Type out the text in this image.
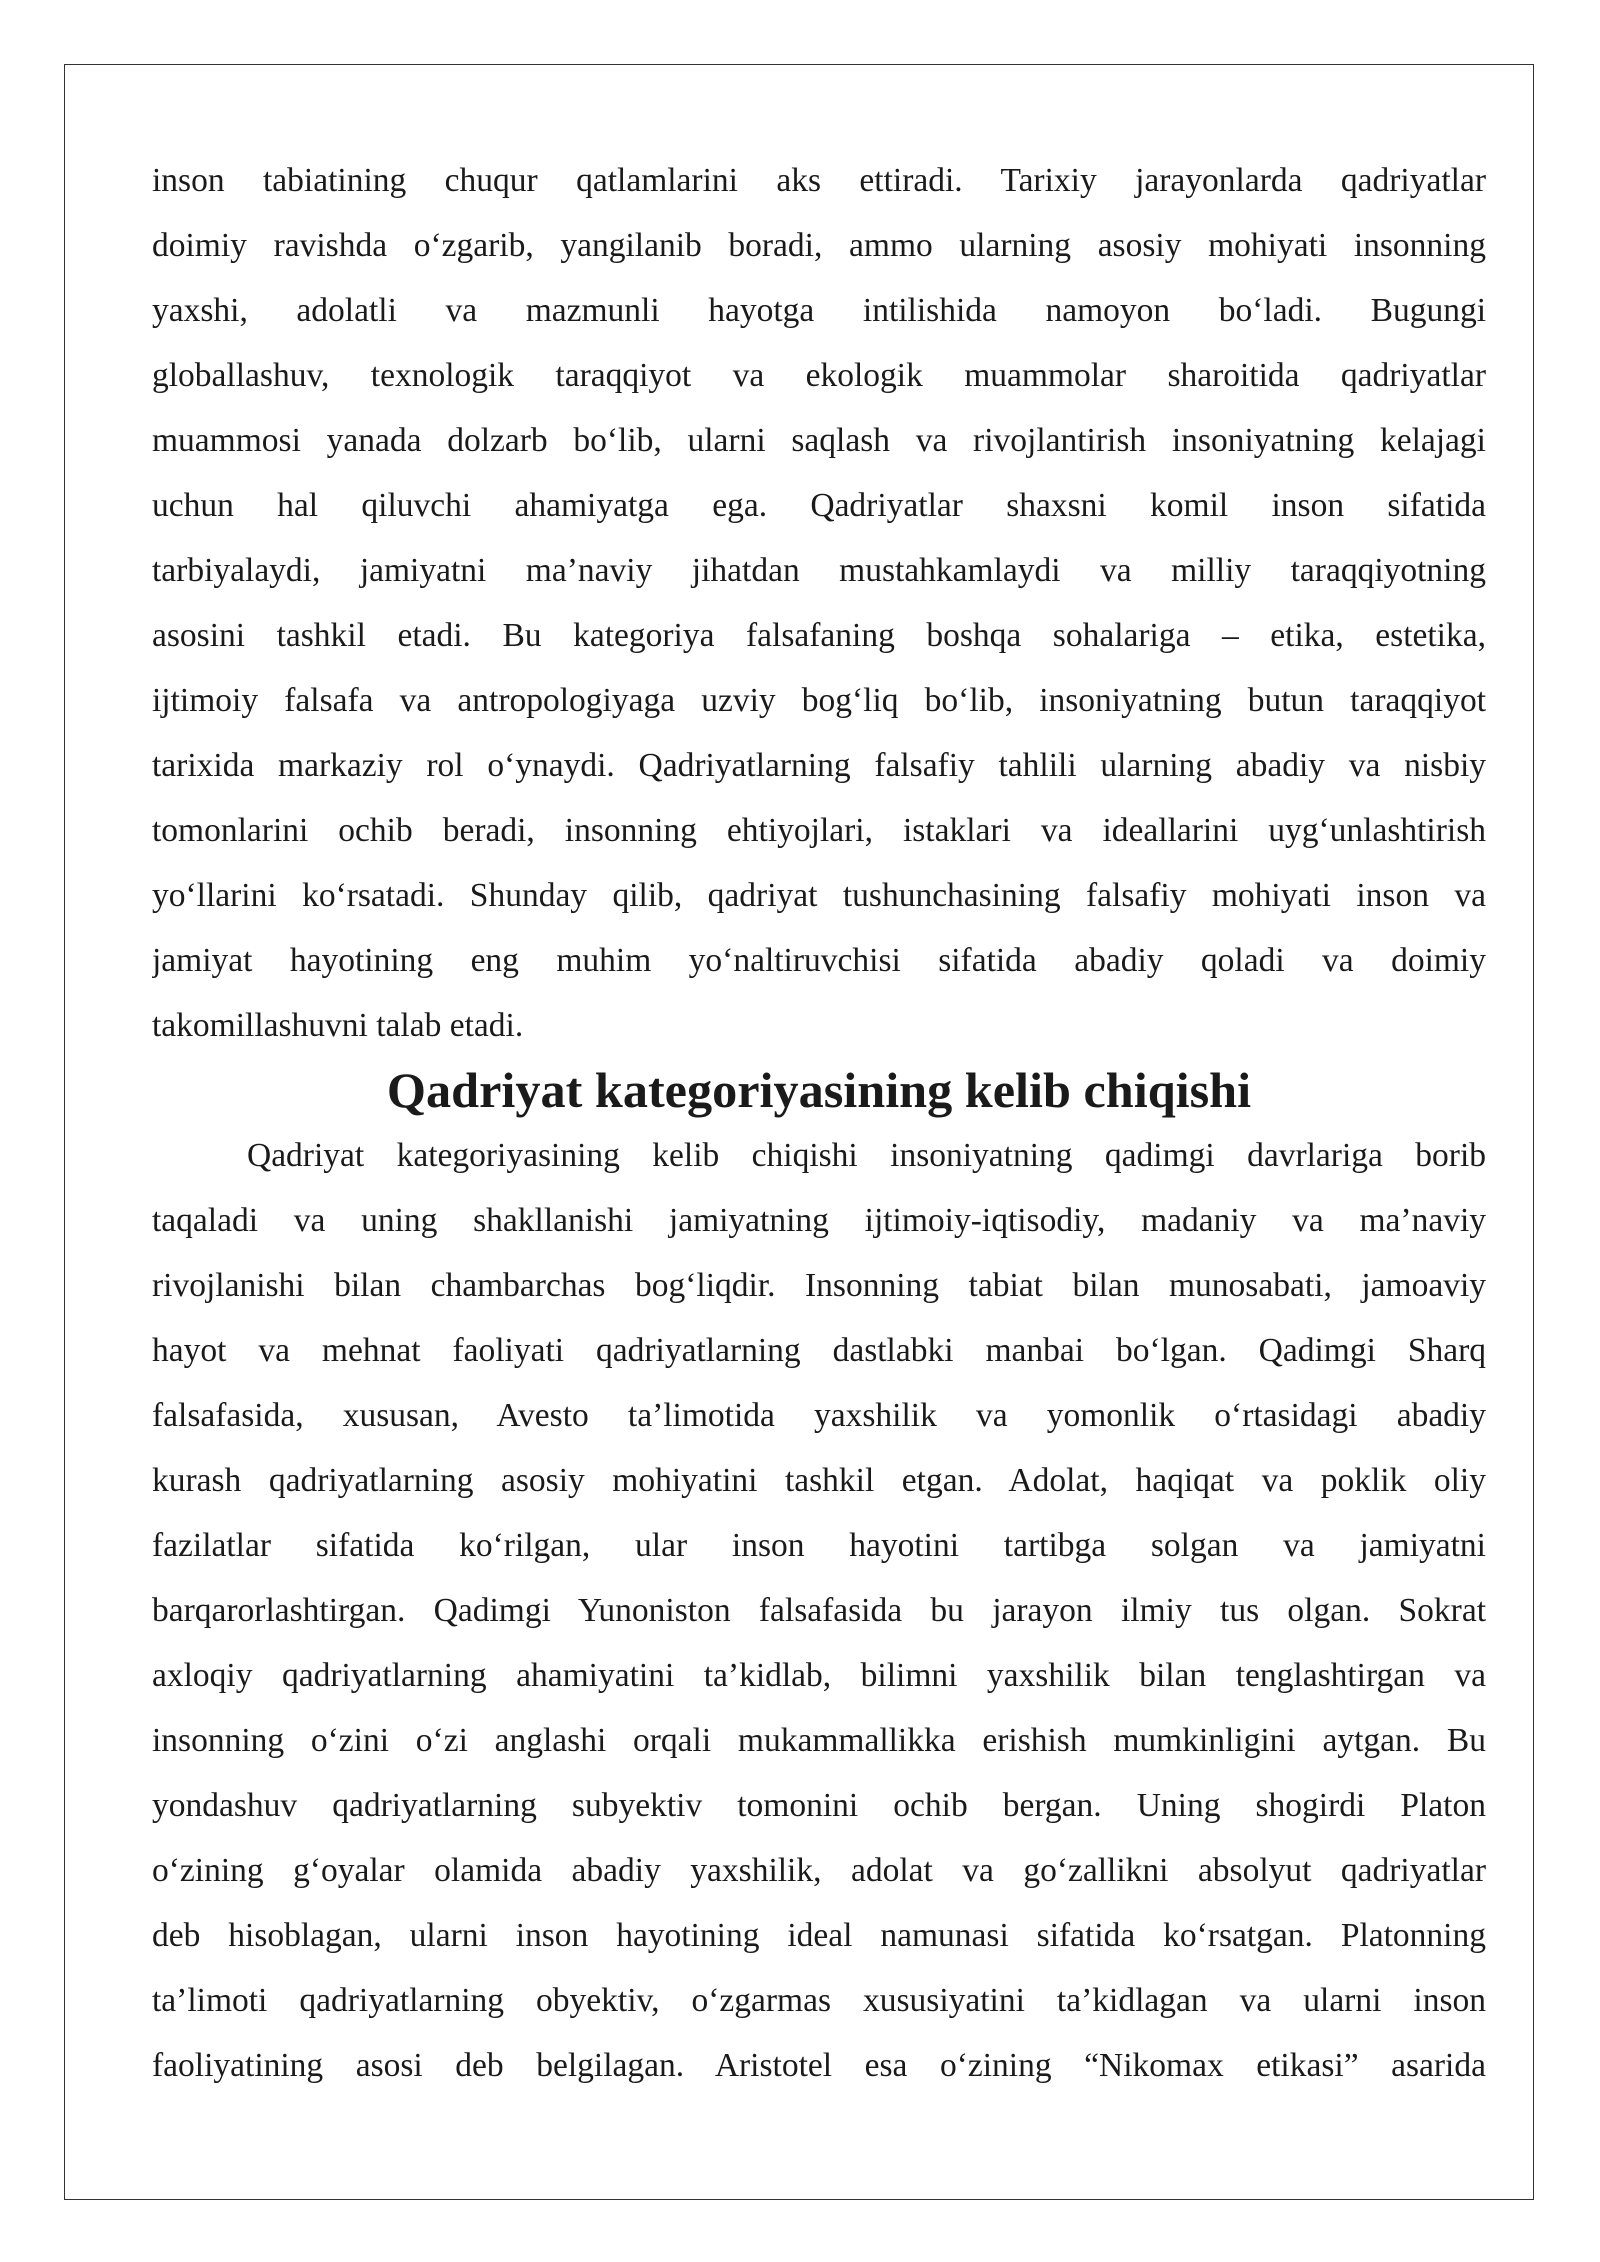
inson tabiatining chuqur qatlamlarini aks ettiradi. Tarixiy jarayonlarda qadriyatlar
doimiy ravishda o‘zgarib, yangilanib boradi, ammo ularning asosiy mohiyati insonning
yaxshi, adolatli va mazmunli hayotga intilishida namoyon bo‘ladi. Bugungi
globallashuv, texnologik taraqqiyot va ekologik muammolar sharoitida qadriyatlar
muammosi yanada dolzarb bo‘lib, ularni saqlash va rivojlantirish insoniyatning kelajagi
uchun hal qiluvchi ahamiyatga ega. Qadriyatlar shaxsni komil inson sifatida
tarbiyalaydi, jamiyatni ma’naviy jihatdan mustahkamlaydi va milliy taraqqiyotning
asosini tashkil etadi. Bu kategoriya falsafaning boshqa sohalariga – etika, estetika,
ijtimoiy falsafa va antropologiyaga uzviy bog‘liq bo‘lib, insoniyatning butun taraqqiyot
tarixida markaziy rol o‘ynaydi. Qadriyatlarning falsafiy tahlili ularning abadiy va nisbiy
tomonlarini ochib beradi, insonning ehtiyojlari, istaklari va ideallarini uyg‘unlashtirish
yo‘llarini ko‘rsatadi. Shunday qilib, qadriyat tushunchasining falsafiy mohiyati inson va
jamiyat hayotining eng muhim yo‘naltiruvchisi sifatida abadiy qoladi va doimiy
takomillashuvni talab etadi.
Qadriyat kategoriyasining kelib chiqishi
Qadriyat kategoriyasining kelib chiqishi insoniyatning qadimgi davrlariga borib
taqaladi va uning shakllanishi jamiyatning ijtimoiy-iqtisodiy, madaniy va ma’naviy
rivojlanishi bilan chambarchas bog‘liqdir. Insonning tabiat bilan munosabati, jamoaviy
hayot va mehnat faoliyati qadriyatlarning dastlabki manbai bo‘lgan. Qadimgi Sharq
falsafasida, xususan, Avesto ta’limotida yaxshilik va yomonlik o‘rtasidagi abadiy
kurash qadriyatlarning asosiy mohiyatini tashkil etgan. Adolat, haqiqat va poklik oliy
fazilatlar sifatida ko‘rilgan, ular inson hayotini tartibga solgan va jamiyatni
barqarorlashtirgan. Qadimgi Yunoniston falsafasida bu jarayon ilmiy tus olgan. Sokrat
axloqiy qadriyatlarning ahamiyatini ta’kidlab, bilimni yaxshilik bilan tenglashtirgan va
insonning o‘zini o‘zi anglashi orqali mukammallikka erishish mumkinligini aytgan. Bu
yondashuv qadriyatlarning subyektiv tomonini ochib bergan. Uning shogirdi Platon
o‘zining g‘oyalar olamida abadiy yaxshilik, adolat va go‘zallikni absolyut qadriyatlar
deb hisoblagan, ularni inson hayotining ideal namunasi sifatida ko‘rsatgan. Platonning
ta’limoti qadriyatlarning obyektiv, o‘zgarmas xususiyatini ta’kidlagan va ularni inson
faoliyatining asosi deb belgilagan. Aristotel esa o‘zining “Nikomax etikasi” asarida
